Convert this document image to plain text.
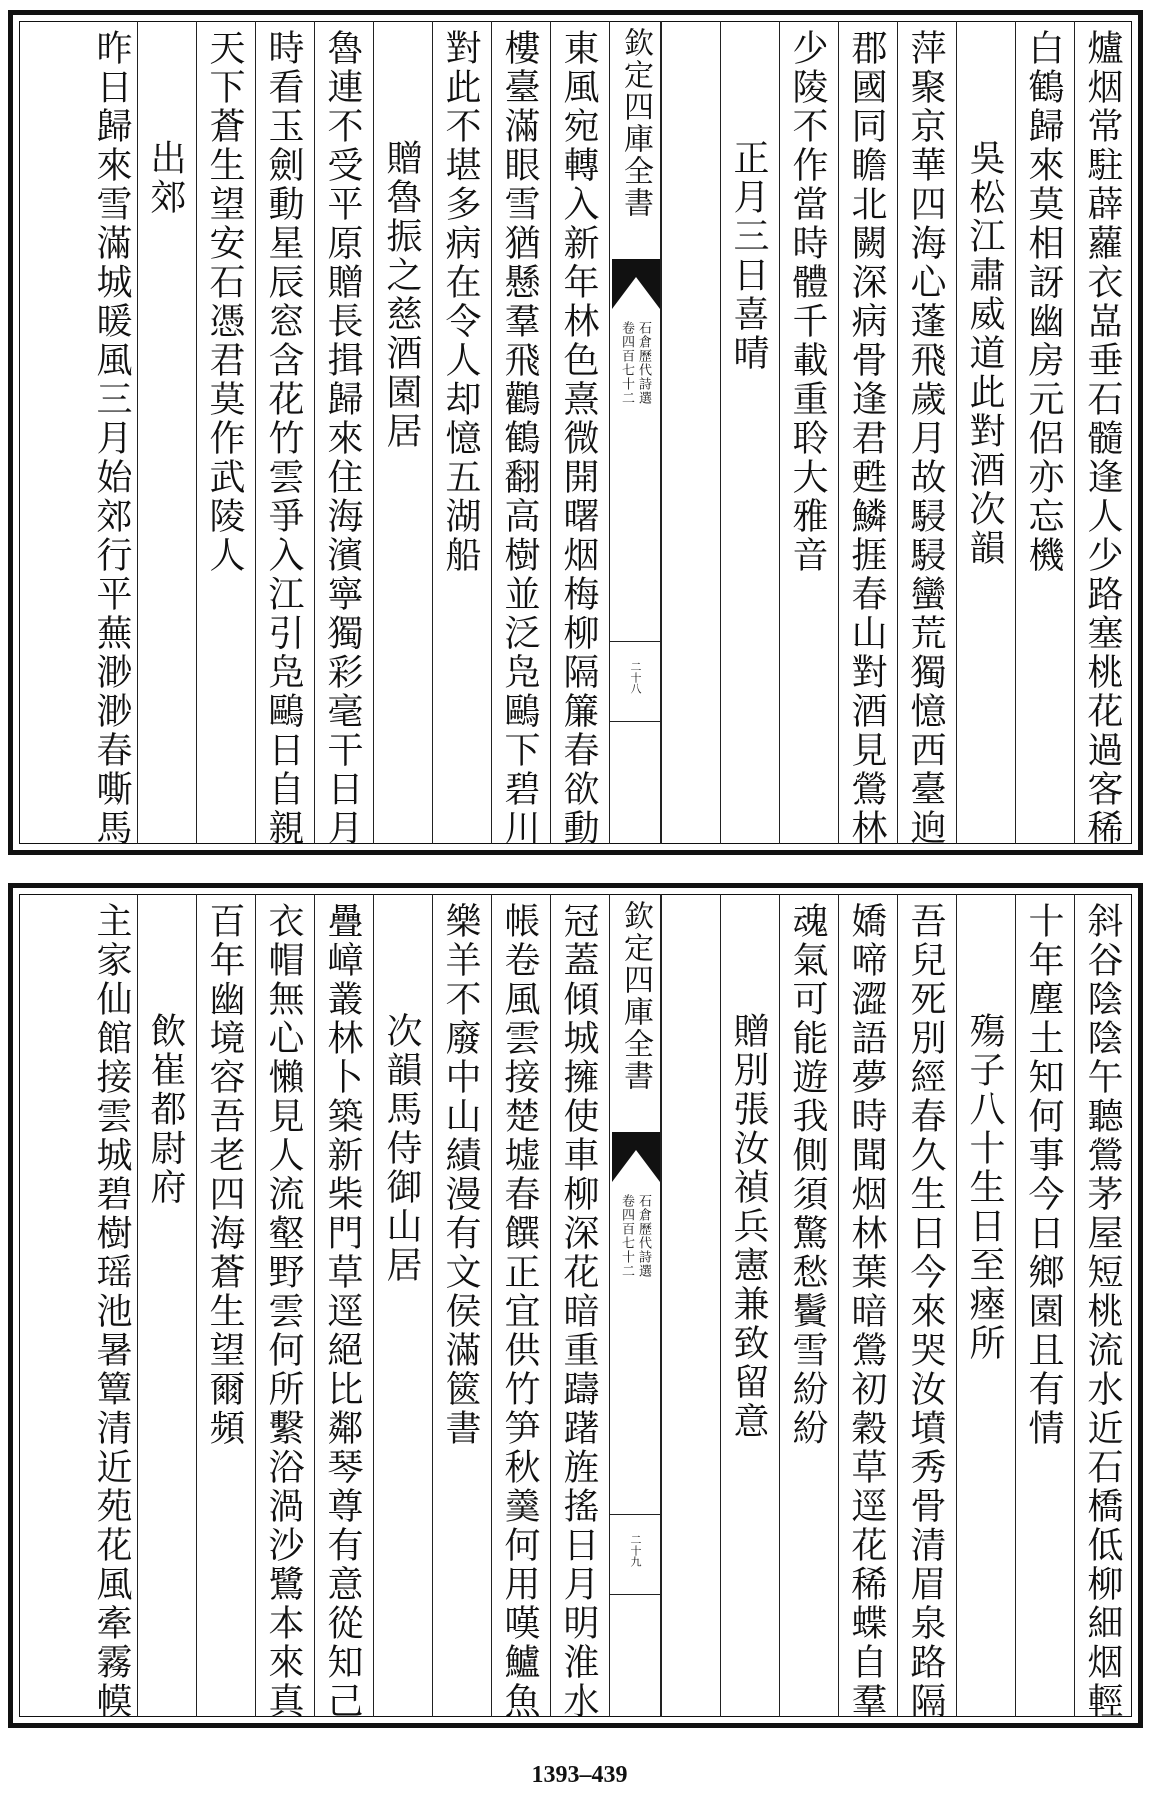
爐烟常駐薜蘿衣嵓垂石髓逢人少路塞桃花過客稀
白鶴歸來莫相訝幽房元侶亦忘機
吳松江肅威道此對酒次韻
萍聚京華四海心蓬飛歲月故駸駸蠻荒獨憶西臺逈
郡國同瞻北闕深病骨逢君甦鱗捱春山對酒見鶯林
少陵不作當時體千載重聆大雅音
正月三日喜晴
欽定四庫全書
石倉歷代詩選
卷四百七十二
二十八
東風宛轉入新年林色熹微開曙烟梅柳隔簾春欲動
樓臺滿眼雪猶懸羣飛鸛鶴翻高樹並泛凫鷗下碧川
對此不堪多病在令人却憶五湖船
贈魯振之慈酒園居
魯連不受平原贈長揖歸來住海濱寧獨彩毫干日月
時看玉劍動星辰窓含花竹雲爭入江引凫鷗日自親
天下蒼生望安石憑君莫作武陵人
出郊
昨日歸來雪滿城暖風三月始郊行平蕪渺渺春嘶馬
斜谷陰陰午聽鶯茅屋短桃流水近石橋低柳細烟輕
十年塵土知何事今日鄉園且有情
殤子八十生日至瘞所
吾兒死別經春久生日今來哭汝墳秀骨清眉泉路隔
嬌啼澀語夢時聞烟林葉暗鶯初穀草逕花稀蝶自羣
魂氣可能遊我側須驚愁鬢雪紛紛
贈別張汝禎兵憲兼致留意
欽定四庫全書
石倉歷代詩選
卷四百七十二
二十九
冠蓋傾城擁使車柳深花暗重躊躇旌搖日月明淮水
帳卷風雲接楚墟春饌正宜供竹笋秋羹何用嘆鱸魚
樂羊不廢中山績漫有文侯滿篋書
次韻馬侍御山居
疊嶂叢林卜築新柴門草逕絕比鄰琴尊有意從知己
衣帽無心懶見人流壑野雲何所繫浴渦沙鷺本來真
百年幽境容吾老四海蒼生望爾頻
飲崔都尉府
主家仙館接雲城碧樹瑶池暑簟清近苑花風牽霧幙
1393–439
